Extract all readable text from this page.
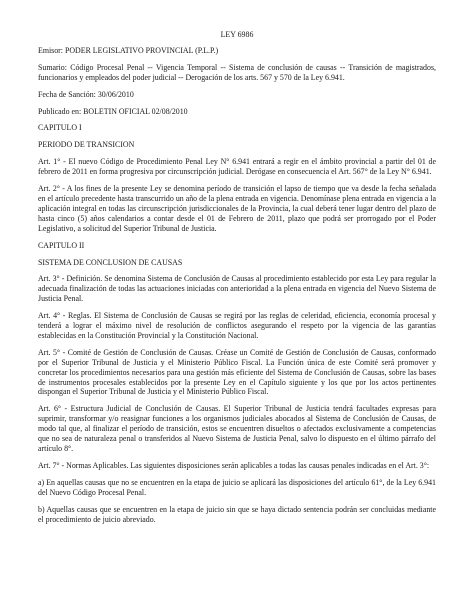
LEY 6986
Emisor: PODER LEGISLATIVO PROVINCIAL (P.L.P.)
Sumario: Código Procesal Penal -- Vigencia Temporal -- Sistema de conclusión de causas -- Transición de magistrados, funcionarios y empleados del poder judicial -- Derogación de los arts. 567 y 570 de la Ley 6.941.
Fecha de Sanción: 30/06/2010
Publicado en: BOLETIN OFICIAL 02/08/2010
CAPITULO I
PERIODO DE TRANSICION
Art. 1° - El nuevo Código de Procedimiento Penal Ley N° 6.941 entrará a regir en el ámbito provincial a partir del 01 de febrero de 2011 en forma progresiva por circunscripción judicial. Derógase en consecuencia el Art. 567° de la Ley N° 6.941.
Art. 2° - A los fines de la presente Ley se denomina período de transición el lapso de tiempo que va desde la fecha señalada en el artículo precedente hasta transcurrido un año de la plena entrada en vigencia. Denomínase plena entrada en vigencia a la aplicación integral en todas las circunscripción jurisdiccionales de la Provincia, la cual deberá tener lugar dentro del plazo de hasta cinco (5) años calendarios a contar desde el 01 de Febrero de 2011, plazo que podrá ser prorrogado por el Poder Legislativo, a solicitud del Superior Tribunal de Justicia.
CAPITULO II
SISTEMA DE CONCLUSION DE CAUSAS
Art. 3° - Definición. Se denomina Sistema de Conclusión de Causas al procedimiento establecido por esta Ley para regular la adecuada finalización de todas las actuaciones iniciadas con anterioridad a la plena entrada en vigencia del Nuevo Sistema de Justicia Penal.
Art. 4° - Reglas. El Sistema de Conclusión de Causas se regirá por las reglas de celeridad, eficiencia, economía procesal y tenderá a lograr el máximo nivel de resolución de conflictos asegurando el respeto por la vigencia de las garantías establecidas en la Constitución Provincial y la Constitución Nacional.
Art. 5° - Comité de Gestión de Conclusión de Causas. Créase un Comité de Gestión de Conclusión de Causas, conformado por el Superior Tribunal de Justicia y el Ministerio Público Fiscal. La Función única de este Comité será promover y concretar los procedimientos necesarios para una gestión más eficiente del Sistema de Conclusión de Causas, sobre las bases de instrumentos procesales establecidos por la presente Ley en el Capítulo siguiente y los que por los actos pertinentes dispongan el Superior Tribunal de Justicia y el Ministerio Público Fiscal.
Art. 6° - Estructura Judicial de Conclusión de Causas. El Superior Tribunal de Justicia tendrá facultades expresas para suprimir, transformar y/o reasignar funciones a los organismos judiciales abocados al Sistema de Conclusión de Causas, de modo tal que, al finalizar el período de transición, estos se encuentren disueltos o afectados exclusivamente a competencias que no sea de naturaleza penal o transferidos al Nuevo Sistema de Justicia Penal, salvo lo dispuesto en el último párrafo del artículo 8°.
Art. 7° - Normas Aplicables. Las siguientes disposiciones serán aplicables a todas las causas penales indicadas en el Art. 3°:
a) En aquellas causas que no se encuentren en la etapa de juicio se aplicará las disposiciones del artículo 61°, de la Ley 6.941 del Nuevo Código Procesal Penal.
b) Aquellas causas que se encuentren en la etapa de juicio sin que se haya dictado sentencia podrán ser concluidas mediante el procedimiento de juicio abreviado.
